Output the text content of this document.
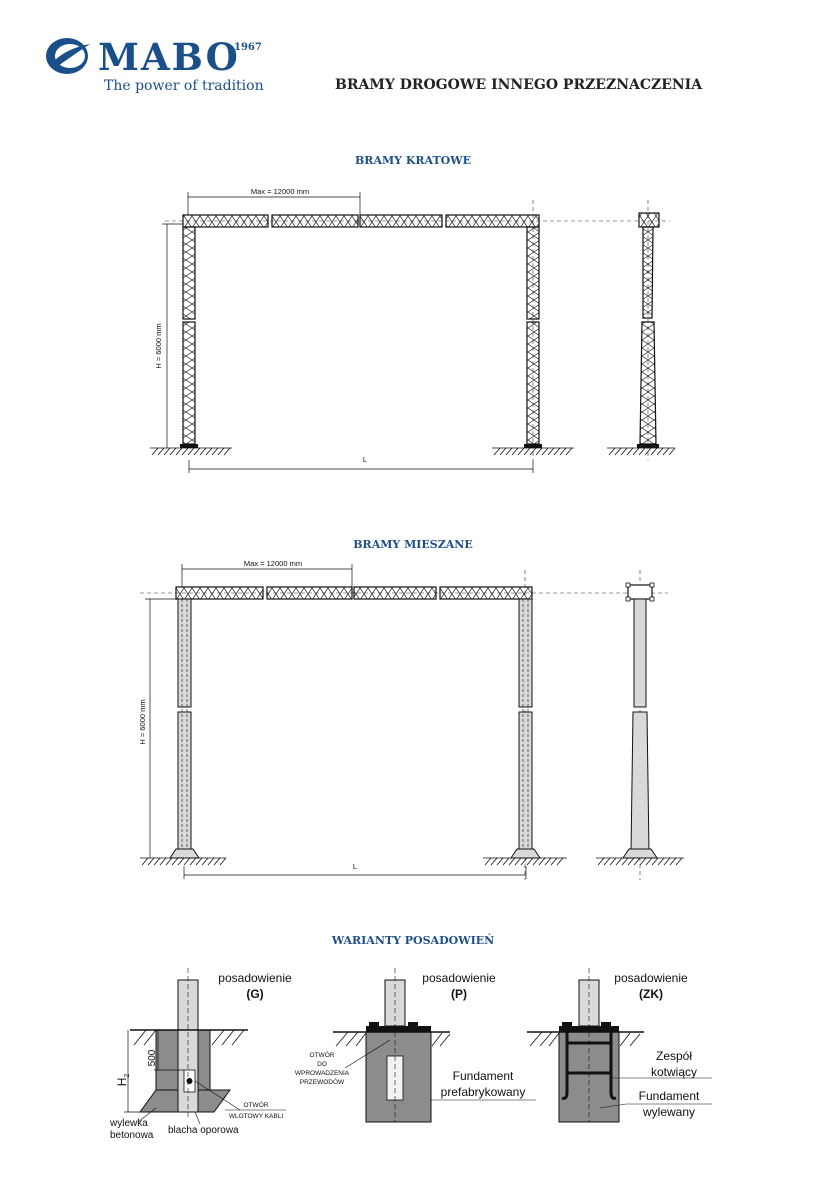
MABO
1967
The power of tradition	BRAMY DROGOWE INNEGO PRZEZNACZENIA
BRAMY KRATOWE
Max = 12000 mm
H = 6000 mm
L
BRAMY MIESZANE
Max = 12000 mm
H = 6000 mm
L
WARIANTY POSADOWIEŃ
500
$H_2$
OTWÓR
WLOTOWY KABLI
wylewka
betonowa blacha oporowa
posadowienie
(G)
OTWÓR
DO
WPROWADZENIA
PRZEWODÓW	Fundament
prefabrykowany
posadowienie
(P)
Zespół
kotwiący
Fundament
wylewany
posadowienie
(ZK)
